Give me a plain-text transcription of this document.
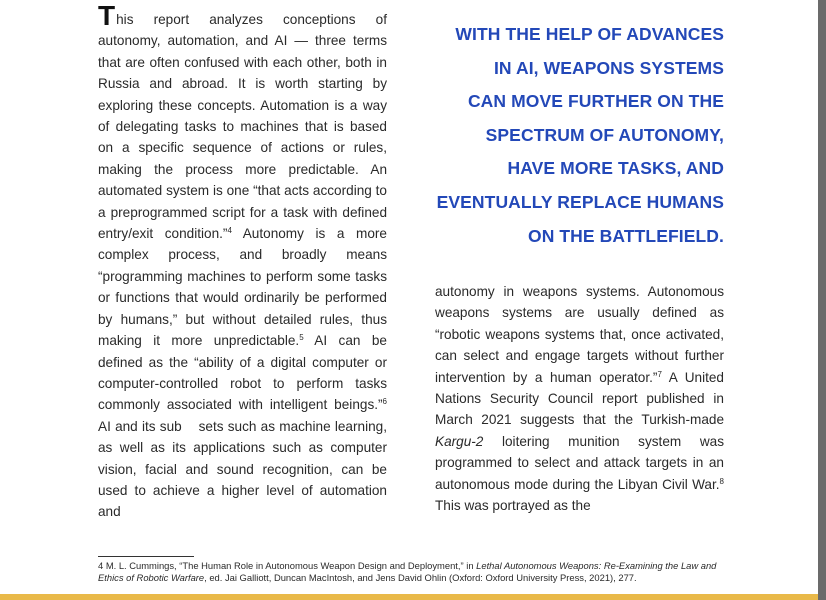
This report analyzes conceptions of autonomy, automation, and AI — three terms that are often confused with each other, both in Russia and abroad. It is worth starting by exploring these concepts. Automation is a way of delegating tasks to machines that is based on a specific sequence of actions or rules, making the process more predictable. An automated system is one “that acts according to a preprogrammed script for a task with defined entry/exit condition.”$^4$ Autonomy is a more complex process, and broadly means “programming machines to perform some tasks or functions that would ordinarily be performed by humans,” but without detailed rules, thus making it more unpredictable.$^5$ AI can be defined as the “ability of a digital computer or computer-controlled robot to perform tasks commonly associated with intelligent beings.”$^6$ AI and its sub    sets such as machine learning, as well as its applications such as computer vision, facial and sound recognition, can be used to achieve a higher level of automation and
WITH THE HELP OF ADVANCES
IN AI, WEAPONS SYSTEMS
CAN MOVE FURTHER ON THE
SPECTRUM OF AUTONOMY,
HAVE MORE TASKS, AND
EVENTUALLY REPLACE HUMANS
ON THE BATTLEFIELD.
autonomy in weapons systems. Autonomous weapons systems are usually defined as “robotic weapons systems that, once activated, can select and engage targets without further intervention by a human operator.”$^7$ A United Nations Security Council report published in March 2021 suggests that the Turkish-made Kargu-2 loitering munition system was programmed to select and attack targets in an autonomous mode during the Libyan Civil War.$^8$ This was portrayed as the
4 M. L. Cummings, “The Human Role in Autonomous Weapon Design and Deployment,” in Lethal Autonomous Weapons: Re-Examining the Law and Ethics of Robotic Warfare, ed. Jai Galliott, Duncan MacIntosh, and Jens David Ohlin (Oxford: Oxford University Press, 2021), 277.
